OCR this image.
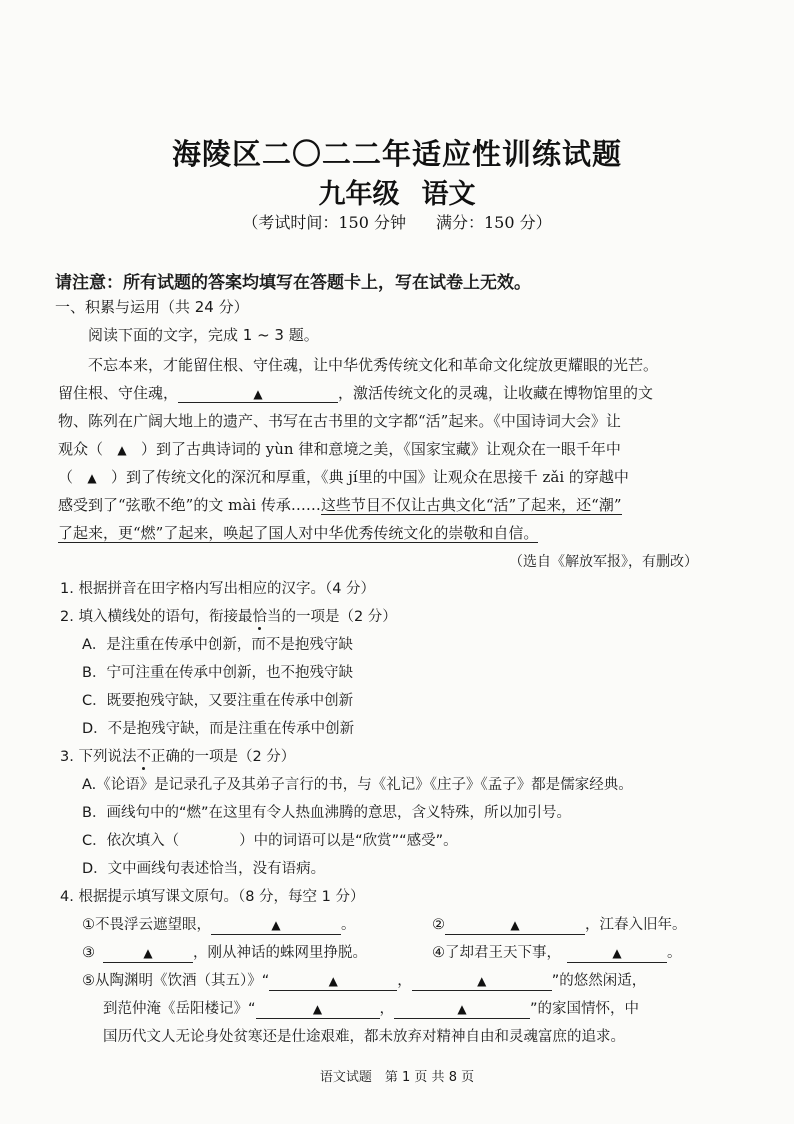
海陵区二〇二二年适应性训练试题
九年级 语文
（考试时间：150 分钟 满分：150 分）
请注意：所有试题的答案均填写在答题卡上，写在试卷上无效。
一、积累与运用（共 24 分）
阅读下面的文字，完成 1 ~ 3 题。
不忘本来，才能留住根、守住魂，让中华优秀传统文化和革命文化绽放更耀眼的光芒。
留住根、守住魂，	▲	，激活传统文化的灵魂，让收藏在博物馆里的文
物、陈列在广阔大地上的遗产、书写在古书里的文字都“活”起来。《中国诗词大会》让
观众（ ▲ ）到了古典诗词的 yùn 律和意境之美，《国家宝藏》让观众在一眼千年中
（ ▲ ）到了传统文化的深沉和厚重，《典 jí里的中国》让观众在思接千 zǎi 的穿越中
感受到了“弦歌不绝”的文 mài 传承……这些节目不仅让古典文化“活”了起来，还“潮”
了起来，更“燃”了起来，唤起了国人对中华优秀传统文化的崇敬和自信。
（选自《解放军报》，有删改）
1. 根据拼音在田字格内写出相应的汉字。（4 分）
2. 填入横线处的语句，衔接最恰当的一项是（2 分）
A．是注重在传承中创新，而不是抱残守缺
B．宁可注重在传承中创新，也不抱残守缺
C．既要抱残守缺，又要注重在传承中创新
D．不是抱残守缺，而是注重在传承中创新
3. 下列说法不正确的一项是（2 分）
A.《论语》是记录孔子及其弟子言行的书，与《礼记》《庄子》《孟子》都是儒家经典。
B．画线句中的“燃”在这里有令人热血沸腾的意思，含义特殊，所以加引号。
C．依次填入（	）中的词语可以是“欣赏”“感受”。
D．文中画线句表述恰当，没有语病。
4. 根据提示填写课文原句。（8 分，每空 1 分）
①不畏浮云遮望眼，	▲	。	②	▲	，江春入旧年。
③	▲	，刚从神话的蛛网里挣脱。	④了却君王天下事，	▲	。
⑤从陶渊明《饮酒（其五）》“	▲	，	▲	”的悠然闲适，
到范仲淹《岳阳楼记》“	▲	，	▲	”的家国情怀，中
国历代文人无论身处贫寒还是仕途艰难，都未放弃对精神自由和灵魂富庶的追求。
语文试题　第 1 页 共 8 页
